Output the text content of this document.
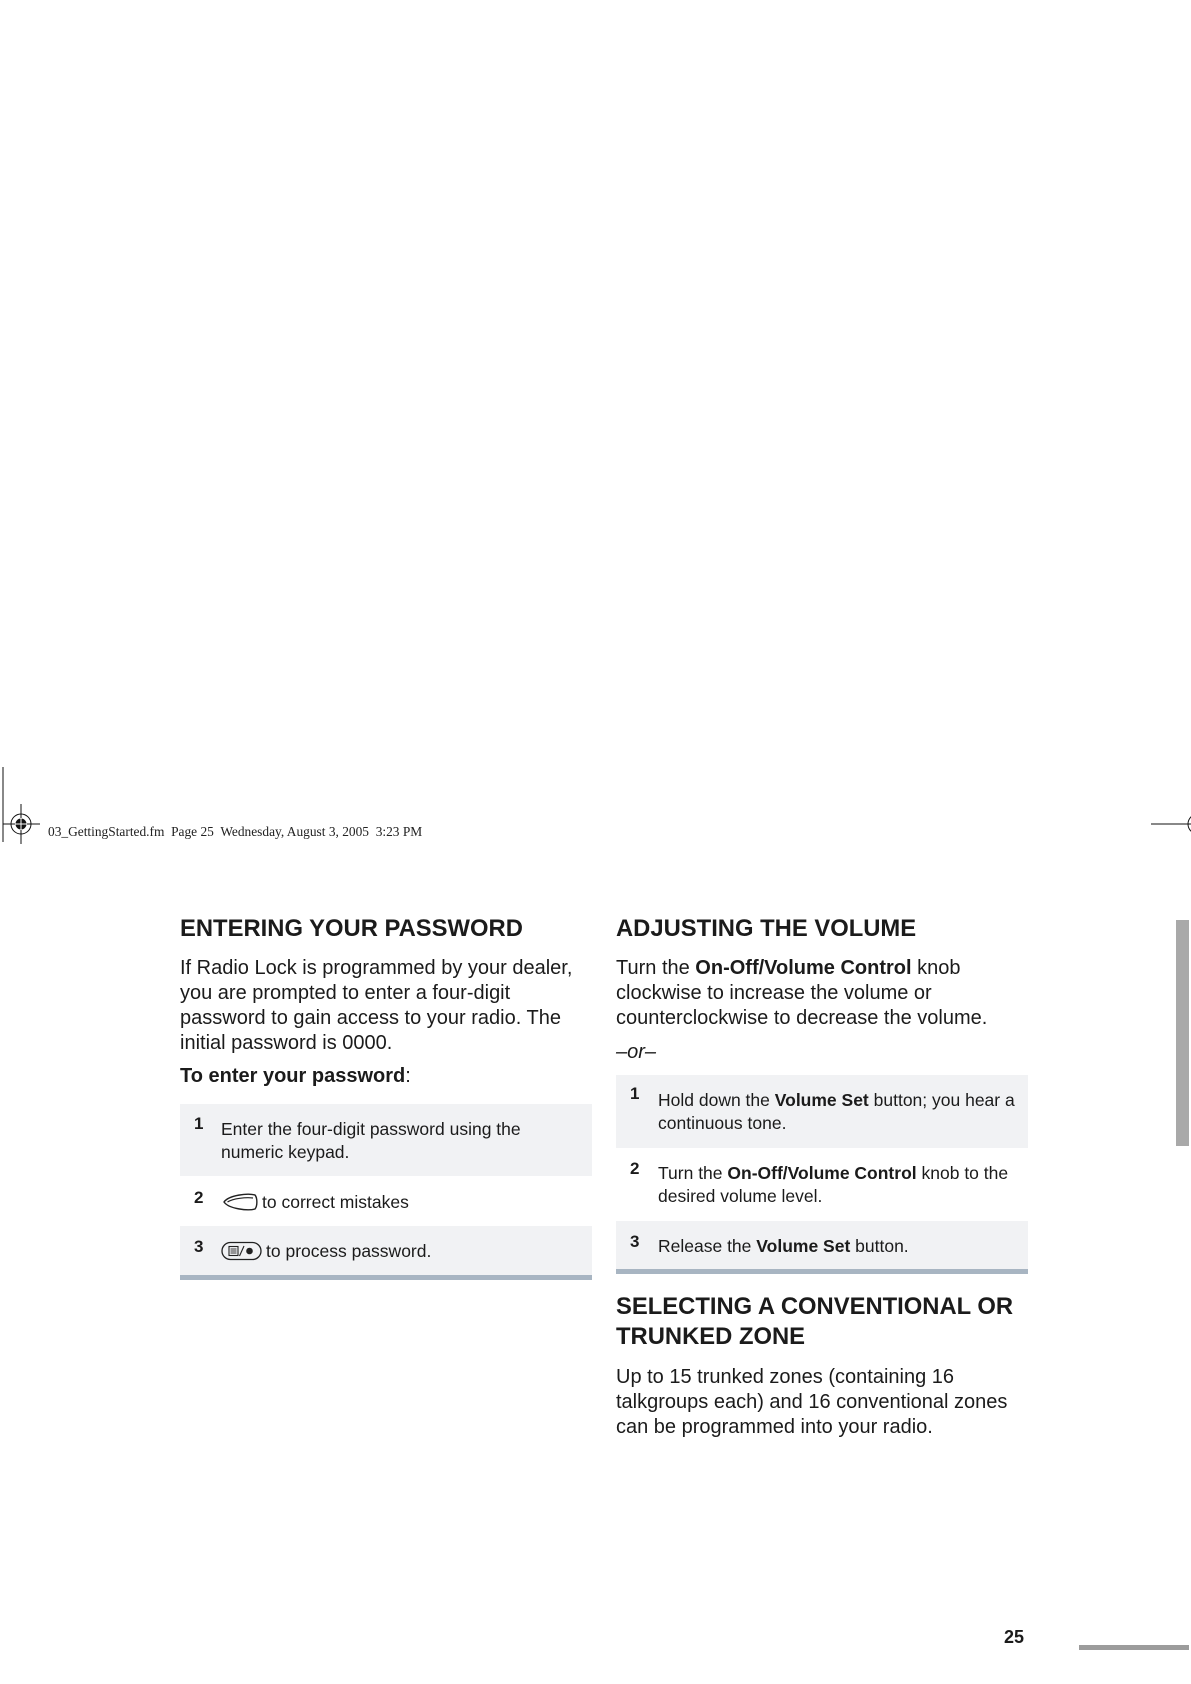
03_GettingStarted.fm  Page 25  Wednesday, August 3, 2005  3:23 PM
ENTERING YOUR PASSWORD

If Radio Lock is programmed by your dealer, you are prompted to enter a four-digit password to gain access to your radio. The initial password is 0000.

To enter your password:

1 Enter the four-digit password using the numeric keypad.
2	to correct mistakes
3	to process password.
ADJUSTING THE VOLUME

Turn the On-Off/Volume Control knob clockwise to increase the volume or counterclockwise to decrease the volume.

–or–

1 Hold down the Volume Set button; you hear a continuous tone.
2 Turn the On-Off/Volume Control knob to the desired volume level.
3 Release the Volume Set button.
SELECTING A CONVENTIONAL OR TRUNKED ZONE

Up to 15 trunked zones (containing 16 talkgroups each) and 16 conventional zones can be programmed into your radio.

25
